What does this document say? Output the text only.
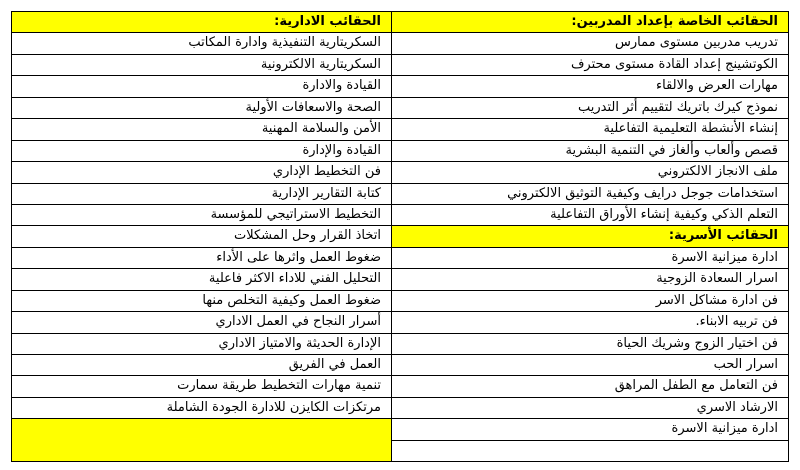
الحقائب الخاصة بإعداد المدربين:
تدريب مدربين مستوى ممارس
الكوتشينج إعداد القادة مستوى محترف
مهارات العرض والالقاء
نموذج كيرك باتريك لتقييم أثر التدريب
إنشاء الأنشطة التعليمية التفاعلية
قصص وألعاب وألغاز في التنمية البشرية
ملف الانجاز الالكتروني
استخدامات جوجل درايف وكيفية التوثيق الالكتروني
التعلم الذكي وكيفية إنشاء الأوراق التفاعلية
الحقائب الأسرية:
ادارة ميزانية الاسرة
اسرار السعادة الزوجية
فن ادارة مشاكل الاسر
فن تربيه الابناء.
فن اختيار الزوج وشريك الحياة
اسرار الحب
فن التعامل مع الطفل المراهق
الارشاد الاسري
ادارة ميزانية الاسرة
الحقائب الادارية:
السكريتارية التنفيذية وادارة المكاتب
السكريتارية الالكترونية
القيادة والادارة
الصحة والاسعافات الأولية
الأمن والسلامة المهنية
القيادة والإدارة
فن التخطيط الإداري
كتابة التقارير الإدارية
التخطيط الاستراتيجي للمؤسسة
اتخاذ القرار وحل المشكلات
ضغوط العمل واثرها على الأداء
التحليل الفني للاداء الاكثر فاعلية
ضغوط العمل وكيفية التخلص منها
أسرار النجاح في العمل الاداري
الإدارة الحديثة والامتياز الاداري
العمل في الفريق
تنمية مهارات التخطيط طريقة سمارت
مرتكزات الكايزن للادارة الجودة الشاملة
